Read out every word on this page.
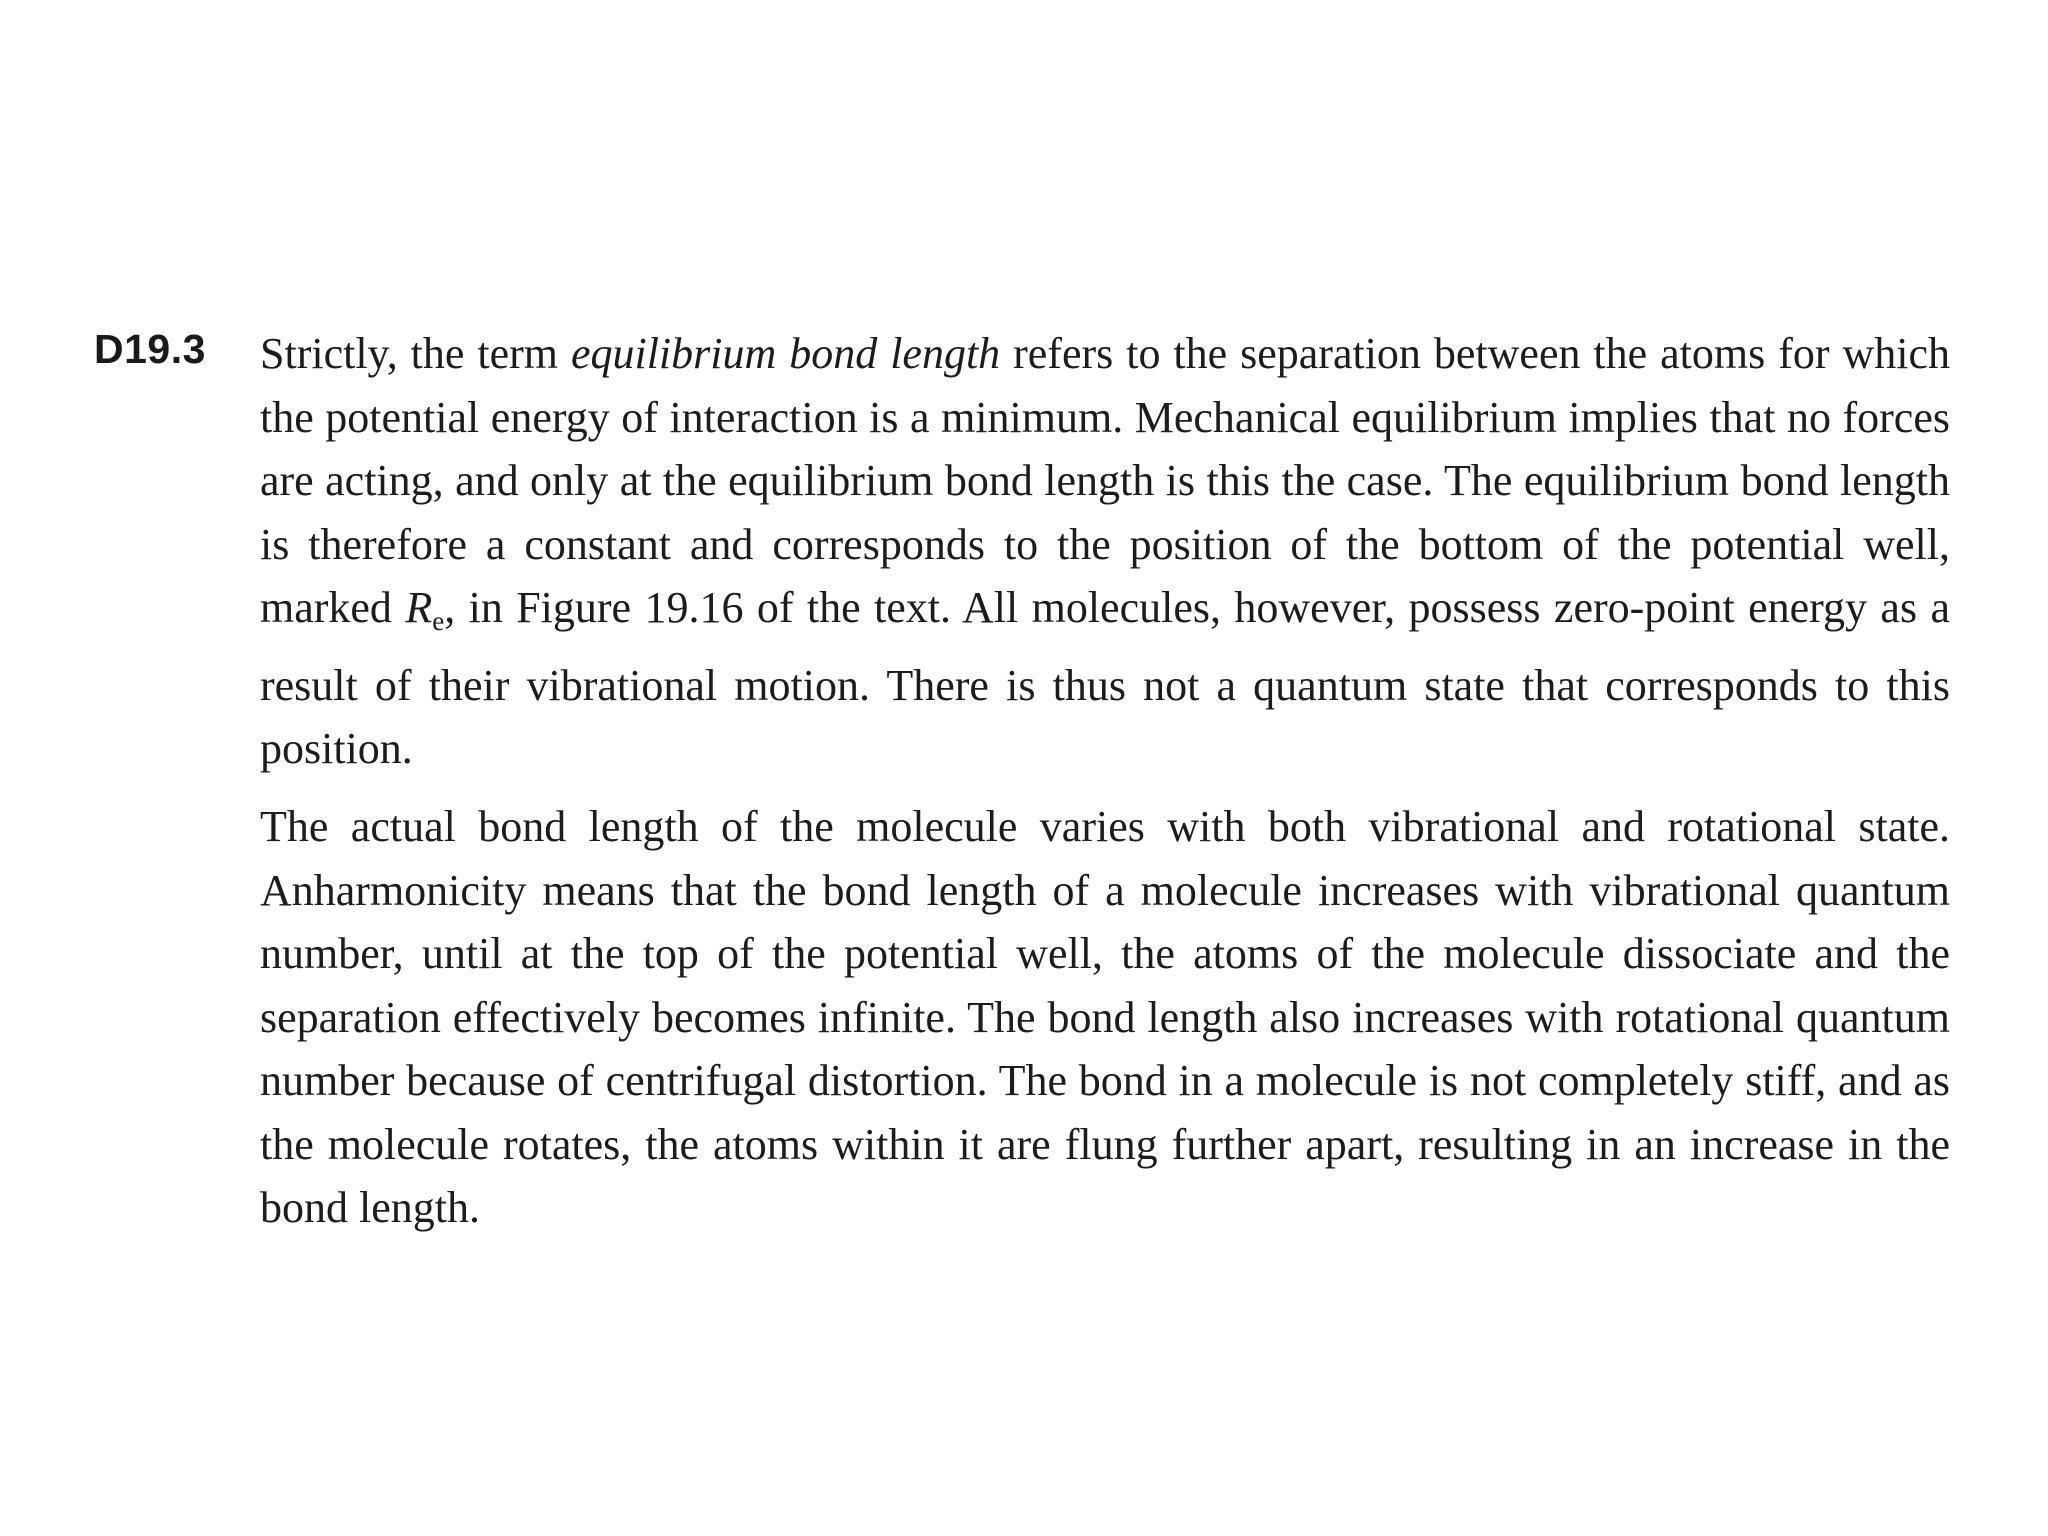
D19.3 Strictly, the term equilibrium bond length refers to the separation between the atoms for which the potential energy of interaction is a minimum. Mechanical equilibrium implies that no forces are acting, and only at the equilibrium bond length is this the case. The equilibrium bond length is therefore a constant and corresponds to the position of the bottom of the potential well, marked $R_e$, in Figure 19.16 of the text. All molecules, however, possess zero-point energy as a result of their vibrational motion. There is thus not a quantum state that corresponds to this position.

The actual bond length of the molecule varies with both vibrational and rotational state. Anharmonicity means that the bond length of a molecule increases with vibrational quantum number, until at the top of the potential well, the atoms of the molecule dissociate and the separation effectively becomes infinite. The bond length also increases with rotational quantum number because of centrifugal distortion. The bond in a molecule is not completely stiff, and as the molecule rotates, the atoms within it are flung further apart, resulting in an increase in the bond length.
